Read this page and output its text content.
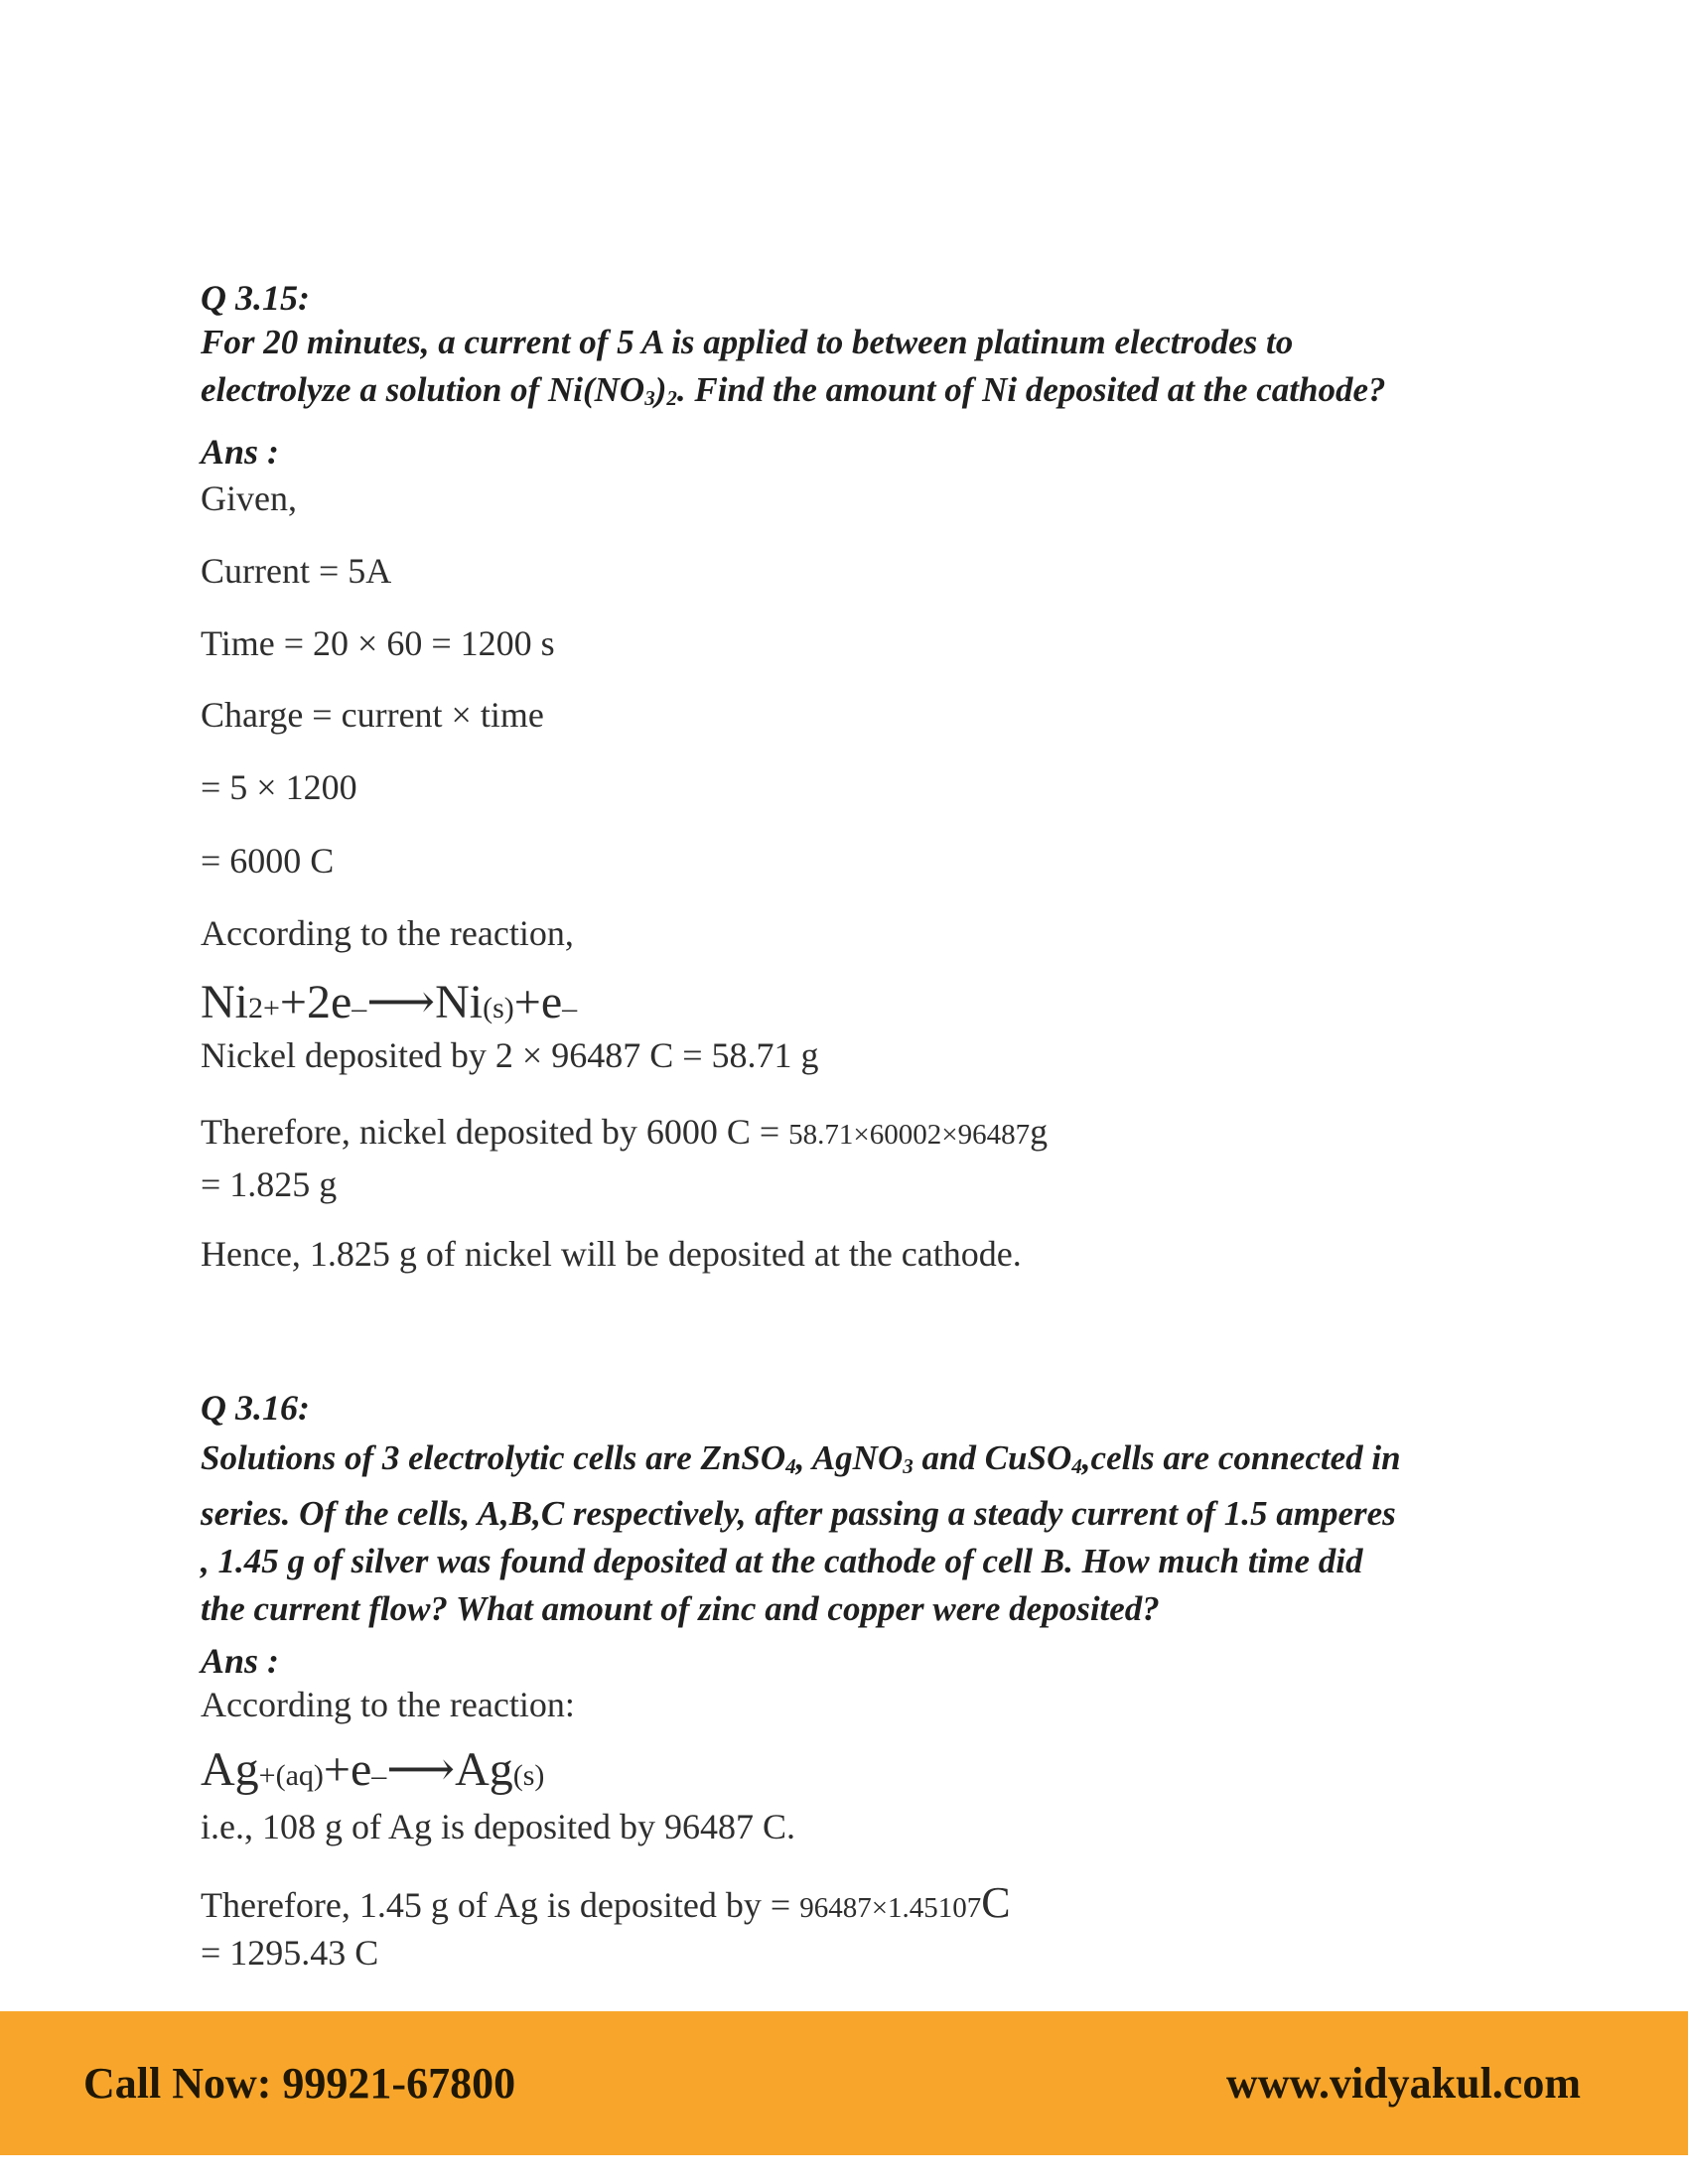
Q 3.15:
For 20 minutes, a current of 5 A is applied to between platinum electrodes to
electrolyze a solution of Ni(NO3)2. Find the amount of Ni deposited at the cathode?
Ans :
Given,
Current = 5A
Time = 20 × 60 = 1200 s
Charge = current × time
= 5 × 1200
= 6000 C
According to the reaction,
Ni2++2e–⟶Ni(s)+e–
Nickel deposited by 2 × 96487 C = 58.71 g
Therefore, nickel deposited by 6000 C = 58.71×60002×96487g
= 1.825 g
Hence, 1.825 g of nickel will be deposited at the cathode.
Q 3.16:
Solutions of 3 electrolytic cells are ZnSO4, AgNO3 and CuSO4,cells are connected in
series. Of the cells, A,B,C respectively, after passing a steady current of 1.5 amperes
, 1.45 g of silver was found deposited at the cathode of cell B. How much time did
the current flow? What amount of zinc and copper were deposited?
Ans :
According to the reaction:
Ag+(aq)+e–⟶Ag(s)
i.e., 108 g of Ag is deposited by 96487 C.
Therefore, 1.45 g of Ag is deposited by = 96487×1.45107C
= 1295.43 C
Call Now: 99921-67800	www.vidyakul.com
